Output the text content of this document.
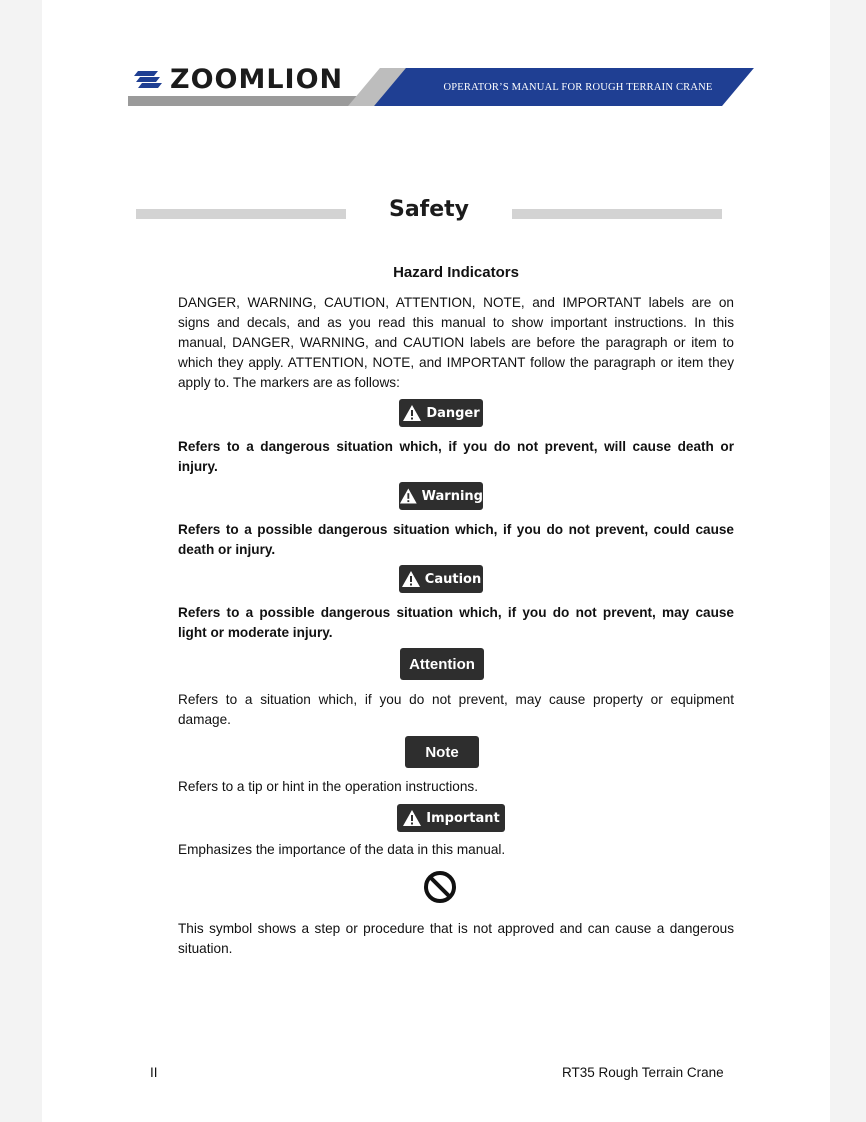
ZOOMLION	OPERATOR’S MANUAL FOR ROUGH TERRAIN CRANE
Safety
Hazard Indicators
DANGER, WARNING, CAUTION, ATTENTION, NOTE, and IMPORTANT labels are on signs and decals, and as you read this manual to show important instructions. In this manual, DANGER, WARNING, and CAUTION labels are before the paragraph or item to which they apply. ATTENTION, NOTE, and IMPORTANT follow the paragraph or item they apply to. The markers are as follows:
Danger
Refers to a dangerous situation which, if you do not prevent, will cause death or injury.
Warning
Refers to a possible dangerous situation which, if you do not prevent, could cause death or injury.
Caution
Refers to a possible dangerous situation which, if you do not prevent, may cause light or moderate injury.
Attention
Refers to a situation which, if you do not prevent, may cause property or equipment damage.
Note
Refers to a tip or hint in the operation instructions.
Important
Emphasizes the importance of the data in this manual.
This symbol shows a step or procedure that is not approved and can cause a dangerous situation.
II	RT35 Rough Terrain Crane
